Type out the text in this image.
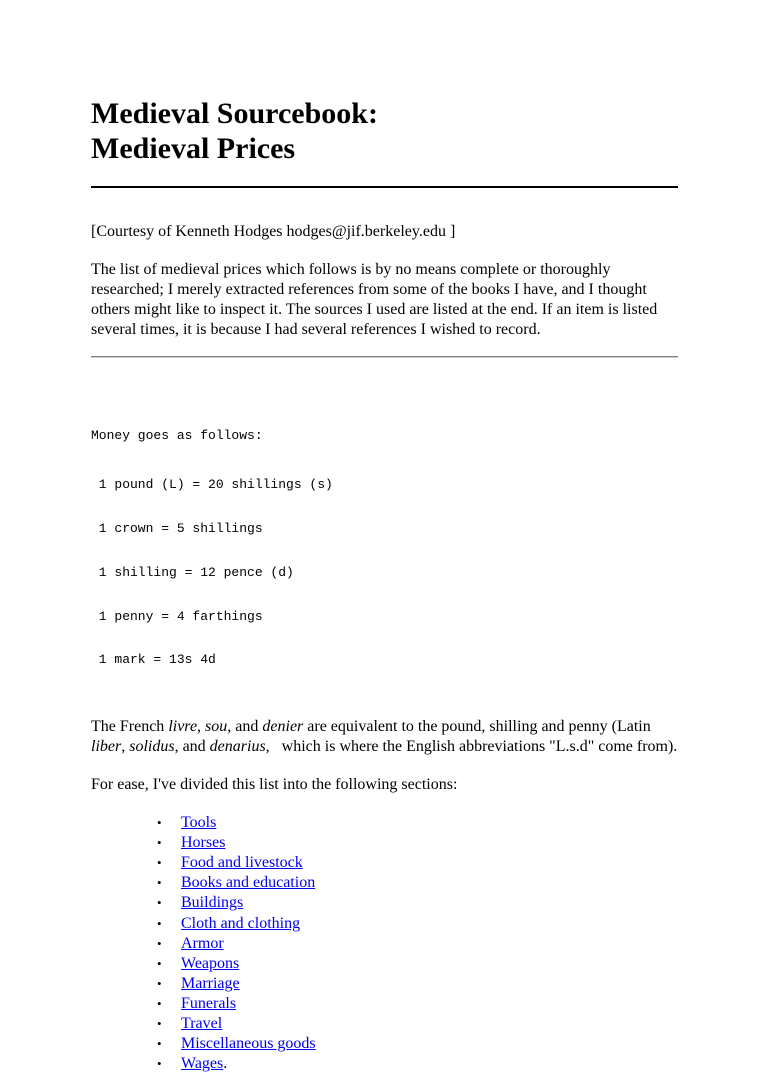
Medieval Sourcebook:
Medieval Prices

[Courtesy of Kenneth Hodges hodges@jif.berkeley.edu ]

The list of medieval prices which follows is by no means complete or thoroughly researched; I merely extracted references from some of the books I have, and I thought others might like to inspect it. The sources I used are listed at the end. If an item is listed several times, it is because I had several references I wished to record.

Money goes as follows:

1 pound (L) = 20 shillings (s)

1 crown = 5 shillings

1 shilling = 12 pence (d)

1 penny = 4 farthings

1 mark = 13s 4d

The French livre, sou, and denier are equivalent to the pound, shilling and penny (Latin liber, solidus, and denarius,   which is where the English abbreviations "L.s.d" come from).

For ease, I've divided this list into the following sections:

• Tools
• Horses
• Food and livestock
• Books and education
• Buildings
• Cloth and clothing
• Armor
• Weapons
• Marriage
• Funerals
• Travel
• Miscellaneous goods
• Wages.
